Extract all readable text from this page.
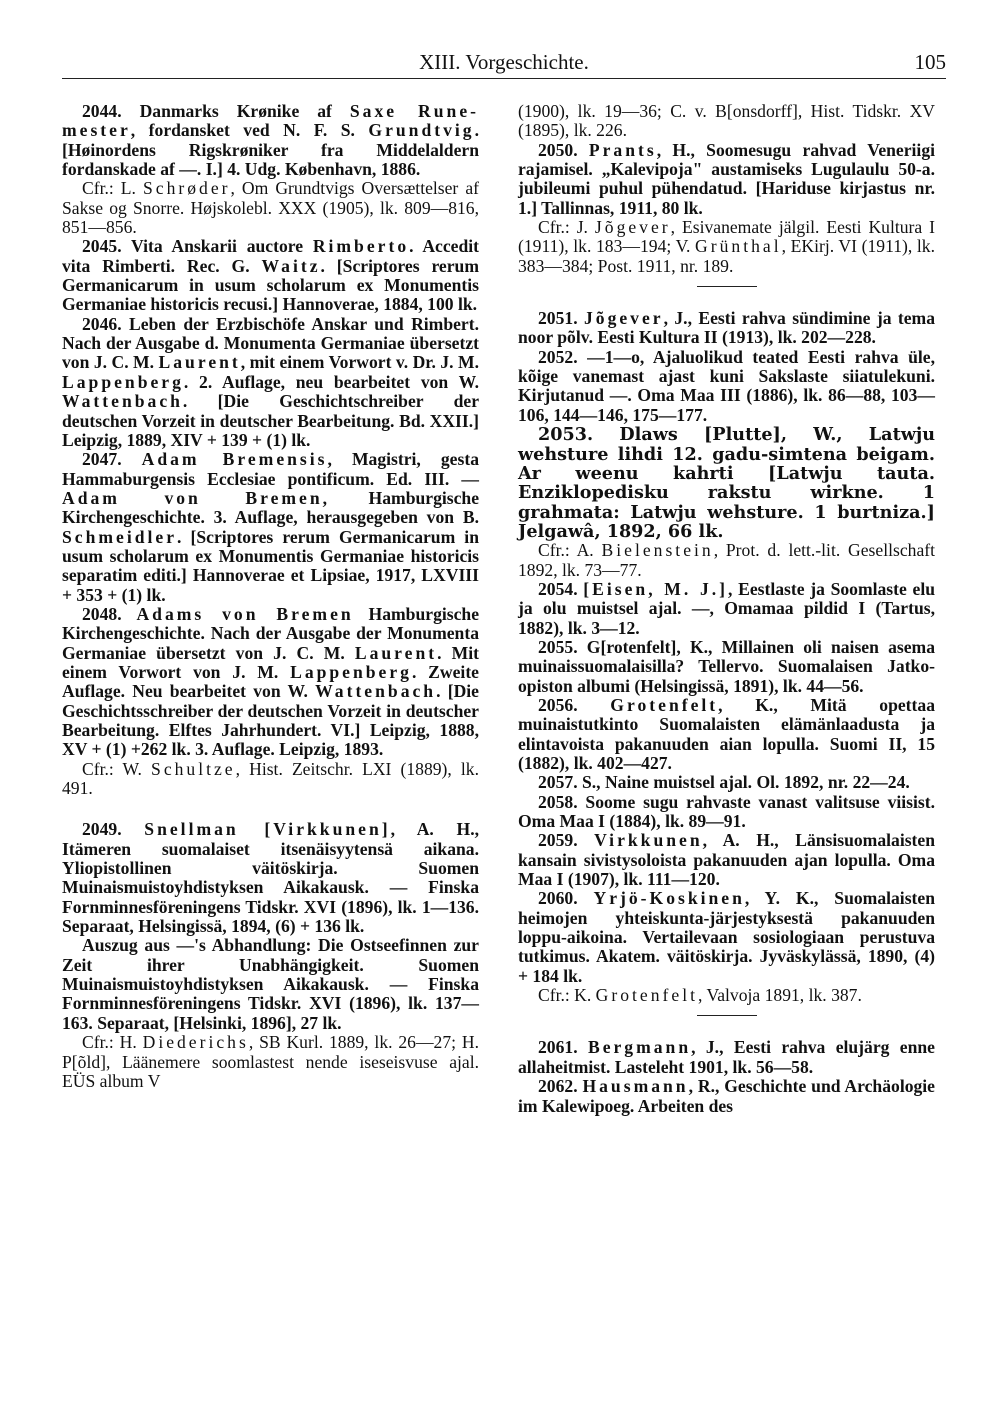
XIII. Vorgeschichte.	105

2044. Danmarks Krønike af Saxe Rune-mester, fordansket ved N. F. S. Grundtvig. [Høinordens Rigskrøniker fra Middelaldern fordanskade af —. I.] 4. Udg. København, 1886.

Cfr.: L. Schrøder, Om Grundtvigs Oversættelser af Sakse og Snorre. Højskolebl. XXX (1905), lk. 809—816, 851—856.

2045. Vita Anskarii auctore Rimberto. Accedit vita Rimberti. Rec. G. Waitz. [Scriptores rerum Germanicarum in usum scholarum ex Monumentis Germaniae historicis recusi.] Hannoverae, 1884, 100 lk.

2046. Leben der Erzbischöfe Anskar und Rimbert. Nach der Ausgabe d. Monumenta Germaniae übersetzt von J. C. M. Laurent, mit einem Vorwort v. Dr. J. M. Lappenberg. 2. Auflage, neu bearbeitet von W. Wattenbach. [Die Geschichtschreiber der deutschen Vorzeit in deutscher Bearbeitung. Bd. XXII.] Leipzig, 1889, XIV + 139 + (1) lk.

2047. Adam Bremensis, Magistri, gesta Hammaburgensis Ecclesiae pontificum. Ed. III. — Adam von Bremen, Hamburgische Kirchengeschichte. 3. Auflage, herausgegeben von B. Schmeidler. [Scriptores rerum Germanicarum in usum scholarum ex Monumentis Germaniae historicis separatim editi.] Hannoverae et Lipsiae, 1917, LXVIII + 353 + (1) lk.

2048. Adams von Bremen Hamburgische Kirchengeschichte. Nach der Ausgabe der Monumenta Germaniae übersetzt von J. C. M. Laurent. Mit einem Vorwort von J. M. Lappenberg. Zweite Auflage. Neu bearbeitet von W. Wattenbach. [Die Geschichtsschreiber der deutschen Vorzeit in deutscher Bearbeitung. Elftes Jahrhundert. VI.] Leipzig, 1888, XV + (1) +262 lk. 3. Auflage. Leipzig, 1893.

Cfr.: W. Schultze, Hist. Zeitschr. LXI (1889), lk. 491.

2049. Snellman [Virkkunen], A. H., Itämeren suomalaiset itsenäisyytensä aikana. Yliopistollinen väitöskirja. Suomen Muinaismuistoyhdistyksen Aikakausk. — Finska Fornminnesföreningens Tidskr. XVI (1896), lk. 1—136. Separaat, Helsingissä, 1894, (6) + 136 lk.

Auszug aus —'s Abhandlung: Die Ostseefinnen zur Zeit ihrer Unabhängigkeit. Suomen Muinaismuistoyhdistyksen Aikakausk. — Finska Fornminnesföreningens Tidskr. XVI (1896), lk. 137—163. Separaat, [Helsinki, 1896], 27 lk.

Cfr.: H. Diederichs, SB Kurl. 1889, lk. 26—27; H. P[õld], Läänemere soomlastest nende iseseisvuse ajal. EÜS album V

(1900), lk. 19—36; C. v. B[onsdorff], Hist. Tidskr. XV (1895), lk. 226.

2050. Prants, H., Soomesugu rahvad Veneriigi rajamisel. „Kalevipoja" austamiseks Lugulaulu 50-a. jubileumi puhul pühendatud. [Hariduse kirjastus nr. 1.] Tallinnas, 1911, 80 lk.

Cfr.: J. Jõgever, Esivanemate jälgil. Eesti Kultura I (1911), lk. 183—194; V. Grünthal, EKirj. VI (1911), lk. 383—384; Post. 1911, nr. 189.

2051. Jõgever, J., Eesti rahva sündimine ja tema noor põlv. Eesti Kultura II (1913), lk. 202—228.

2052. —1—o, Ajaluolikud teated Eesti rahva üle, kõige vanemast ajast kuni Sakslaste siiatulekuni. Kirjutanud —. Oma Maa III (1886), lk. 86—88, 103—106, 144—146, 175—177.

2053. Dlaws [Plutte], W., Latwju wehsture lihdi 12. gadu-simtena beigam. Ar weenu kahrti [Latwju tauta. Enziklopedisku rakstu wirkne. 1 grahmata: Latwju wehsture. 1 burtniza.] Jelgawâ, 1892, 66 lk.

Cfr.: A. Bielenstein, Prot. d. lett.-lit. Gesellschaft 1892, lk. 73—77.

2054. [Eisen, M. J.], Eestlaste ja Soomlaste elu ja olu muistsel ajal. —, Omamaa pildid I (Tartus, 1882), lk. 3—12.

2055. G[rotenfelt], K., Millainen oli naisen asema muinaissuomalaisilla? Tellervo. Suomalaisen Jatko-opiston albumi (Helsingissä, 1891), lk. 44—56.

2056. Grotenfelt, K., Mitä opettaa muinaistutkinto Suomalaisten elämänlaadusta ja elintavoista pakanuuden aian lopulla. Suomi II, 15 (1882), lk. 402—427.

2057. S., Naine muistsel ajal. Ol. 1892, nr. 22—24.

2058. Soome sugu rahvaste vanast valitsuse viisist. Oma Maa I (1884), lk. 89—91.

2059. Virkkunen, A. H., Länsisuomalaisten kansain sivistysoloista pakanuuden ajan lopulla. Oma Maa I (1907), lk. 111—120.

2060. Yrjö-Koskinen, Y. K., Suomalaisten heimojen yhteiskunta-järjestyksestä pakanuuden loppu-aikoina. Vertailevaan sosiologiaan perustuva tutkimus. Akatem. väitöskirja. Jyväskylässä, 1890, (4) + 184 lk.

Cfr.: K. Grotenfelt, Valvoja 1891, lk. 387.

2061. Bergmann, J., Eesti rahva elujärg enne allaheitmist. Lasteleht 1901, lk. 56—58.

2062. Hausmann, R., Geschichte und Archäologie im Kalewipoeg. Arbeiten des
